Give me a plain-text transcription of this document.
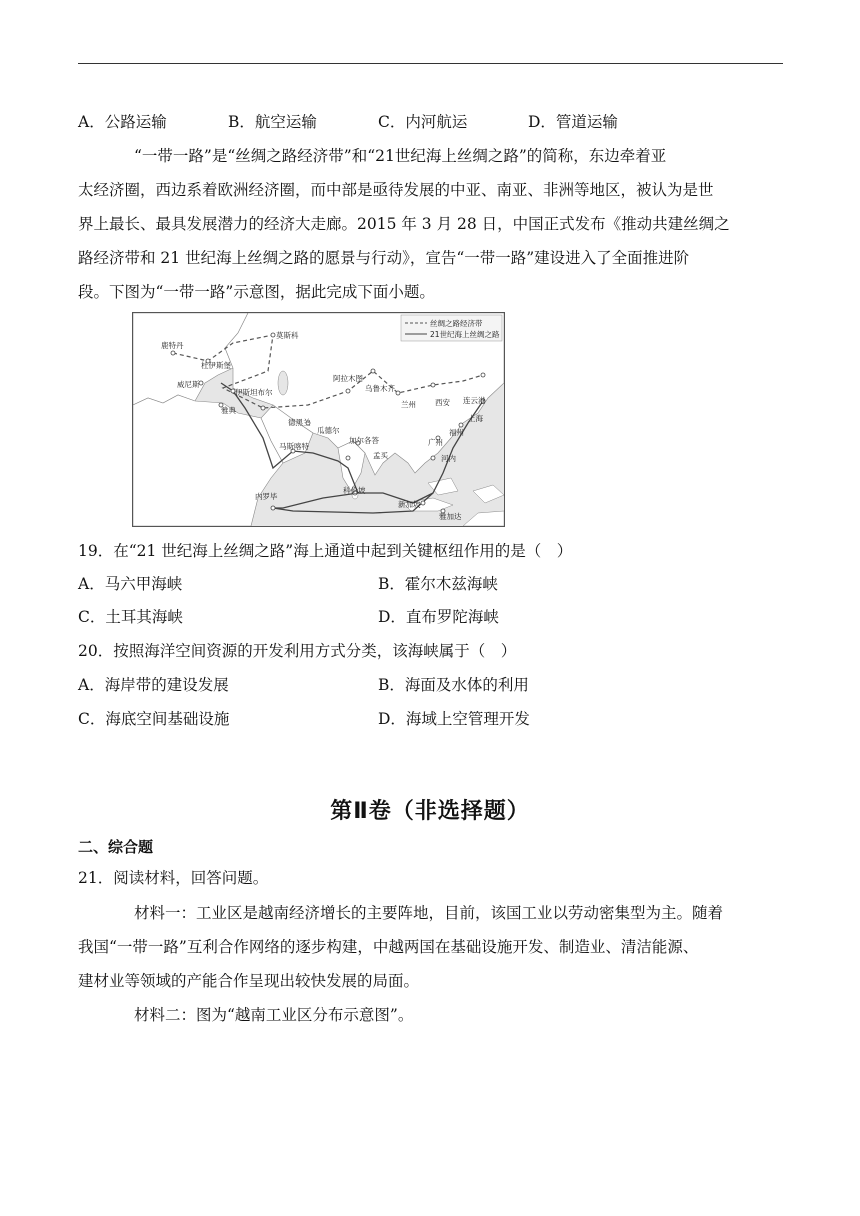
A．公路运输	B．航空运输	C．内河航运	D．管道运输
“一带一路”是“丝绸之路经济带”和“21世纪海上丝绸之路”的简称，东边牵着亚
太经济圈，西边系着欧洲经济圈，而中部是亟待发展的中亚、南亚、非洲等地区，被认为是世
界上最长、最具发展潜力的经济大走廊。2015 年 3 月 28 日，中国正式发布《推动共建丝绸之
路经济带和 21 世纪海上丝绸之路的愿景与行动》，宣告“一带一路”建设进入了全面推进阶
段。下图为“一带一路”示意图，据此完成下面小题。
丝绸之路经济带
21世纪海上丝绸之路
鹿特丹
莫斯科
杜伊斯堡
威尼斯
伊斯坦布尔
阿拉木图
乌鲁木齐
兰州	西安 连云港
上海
雅典
德黑兰
瓜德尔
马斯喀特
加尔各答
孟买
广州
福州
河内
科伦坡
内罗毕
新加坡
雅加达
19．在“21 世纪海上丝绸之路”海上通道中起到关键枢纽作用的是（　）
A．马六甲海峡	B．霍尔木兹海峡
C．土耳其海峡	D．直布罗陀海峡
20．按照海洋空间资源的开发利用方式分类，该海峡属于（　）
A．海岸带的建设发展	B．海面及水体的利用
C．海底空间基础设施	D．海域上空管理开发
第Ⅱ卷（非选择题）
二、综合题
21．阅读材料，回答问题。
材料一：工业区是越南经济增长的主要阵地，目前，该国工业以劳动密集型为主。随着
我国“一带一路”互利合作网络的逐步构建，中越两国在基础设施开发、制造业、清洁能源、
建材业等领域的产能合作呈现出较快发展的局面。
材料二：图为“越南工业区分布示意图”。
